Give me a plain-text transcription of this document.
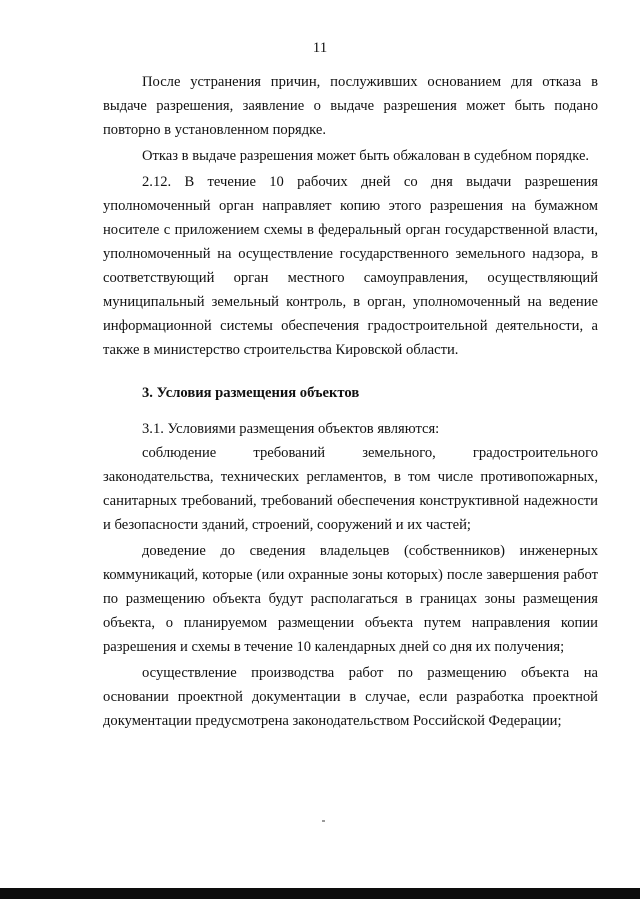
11

После устранения причин, послуживших основанием для отказа в выдаче разрешения, заявление о выдаче разрешения может быть подано повторно в установленном порядке.

Отказ в выдаче разрешения может быть обжалован в судебном порядке.

2.12. В течение 10 рабочих дней со дня выдачи разрешения уполномоченный орган направляет копию этого разрешения на бумажном носителе с приложением схемы в федеральный орган государственной власти, уполномоченный на осуществление государственного земельного надзора, в соответствующий орган местного самоуправления, осуществляющий муниципальный земельный контроль, в орган, уполномоченный на ведение информационной системы обеспечения градостроительной деятельности, а также в министерство строительства Кировской области.

3. Условия размещения объектов

3.1. Условиями размещения объектов являются:

соблюдение требований земельного, градостроительного законодательства, технических регламентов, в том числе противопожарных, санитарных требований, требований обеспечения конструктивной надежности и безопасности зданий, строений, сооружений и их частей;

доведение до сведения владельцев (собственников) инженерных коммуникаций, которые (или охранные зоны которых) после завершения работ по размещению объекта будут располагаться в границах зоны размещения объекта, о планируемом размещении объекта путем направления копии разрешения и схемы в течение 10 календарных дней со дня их получения;

осуществление производства работ по размещению объекта на основании проектной документации в случае, если разработка проектной документации предусмотрена законодательством Российской Федерации;
